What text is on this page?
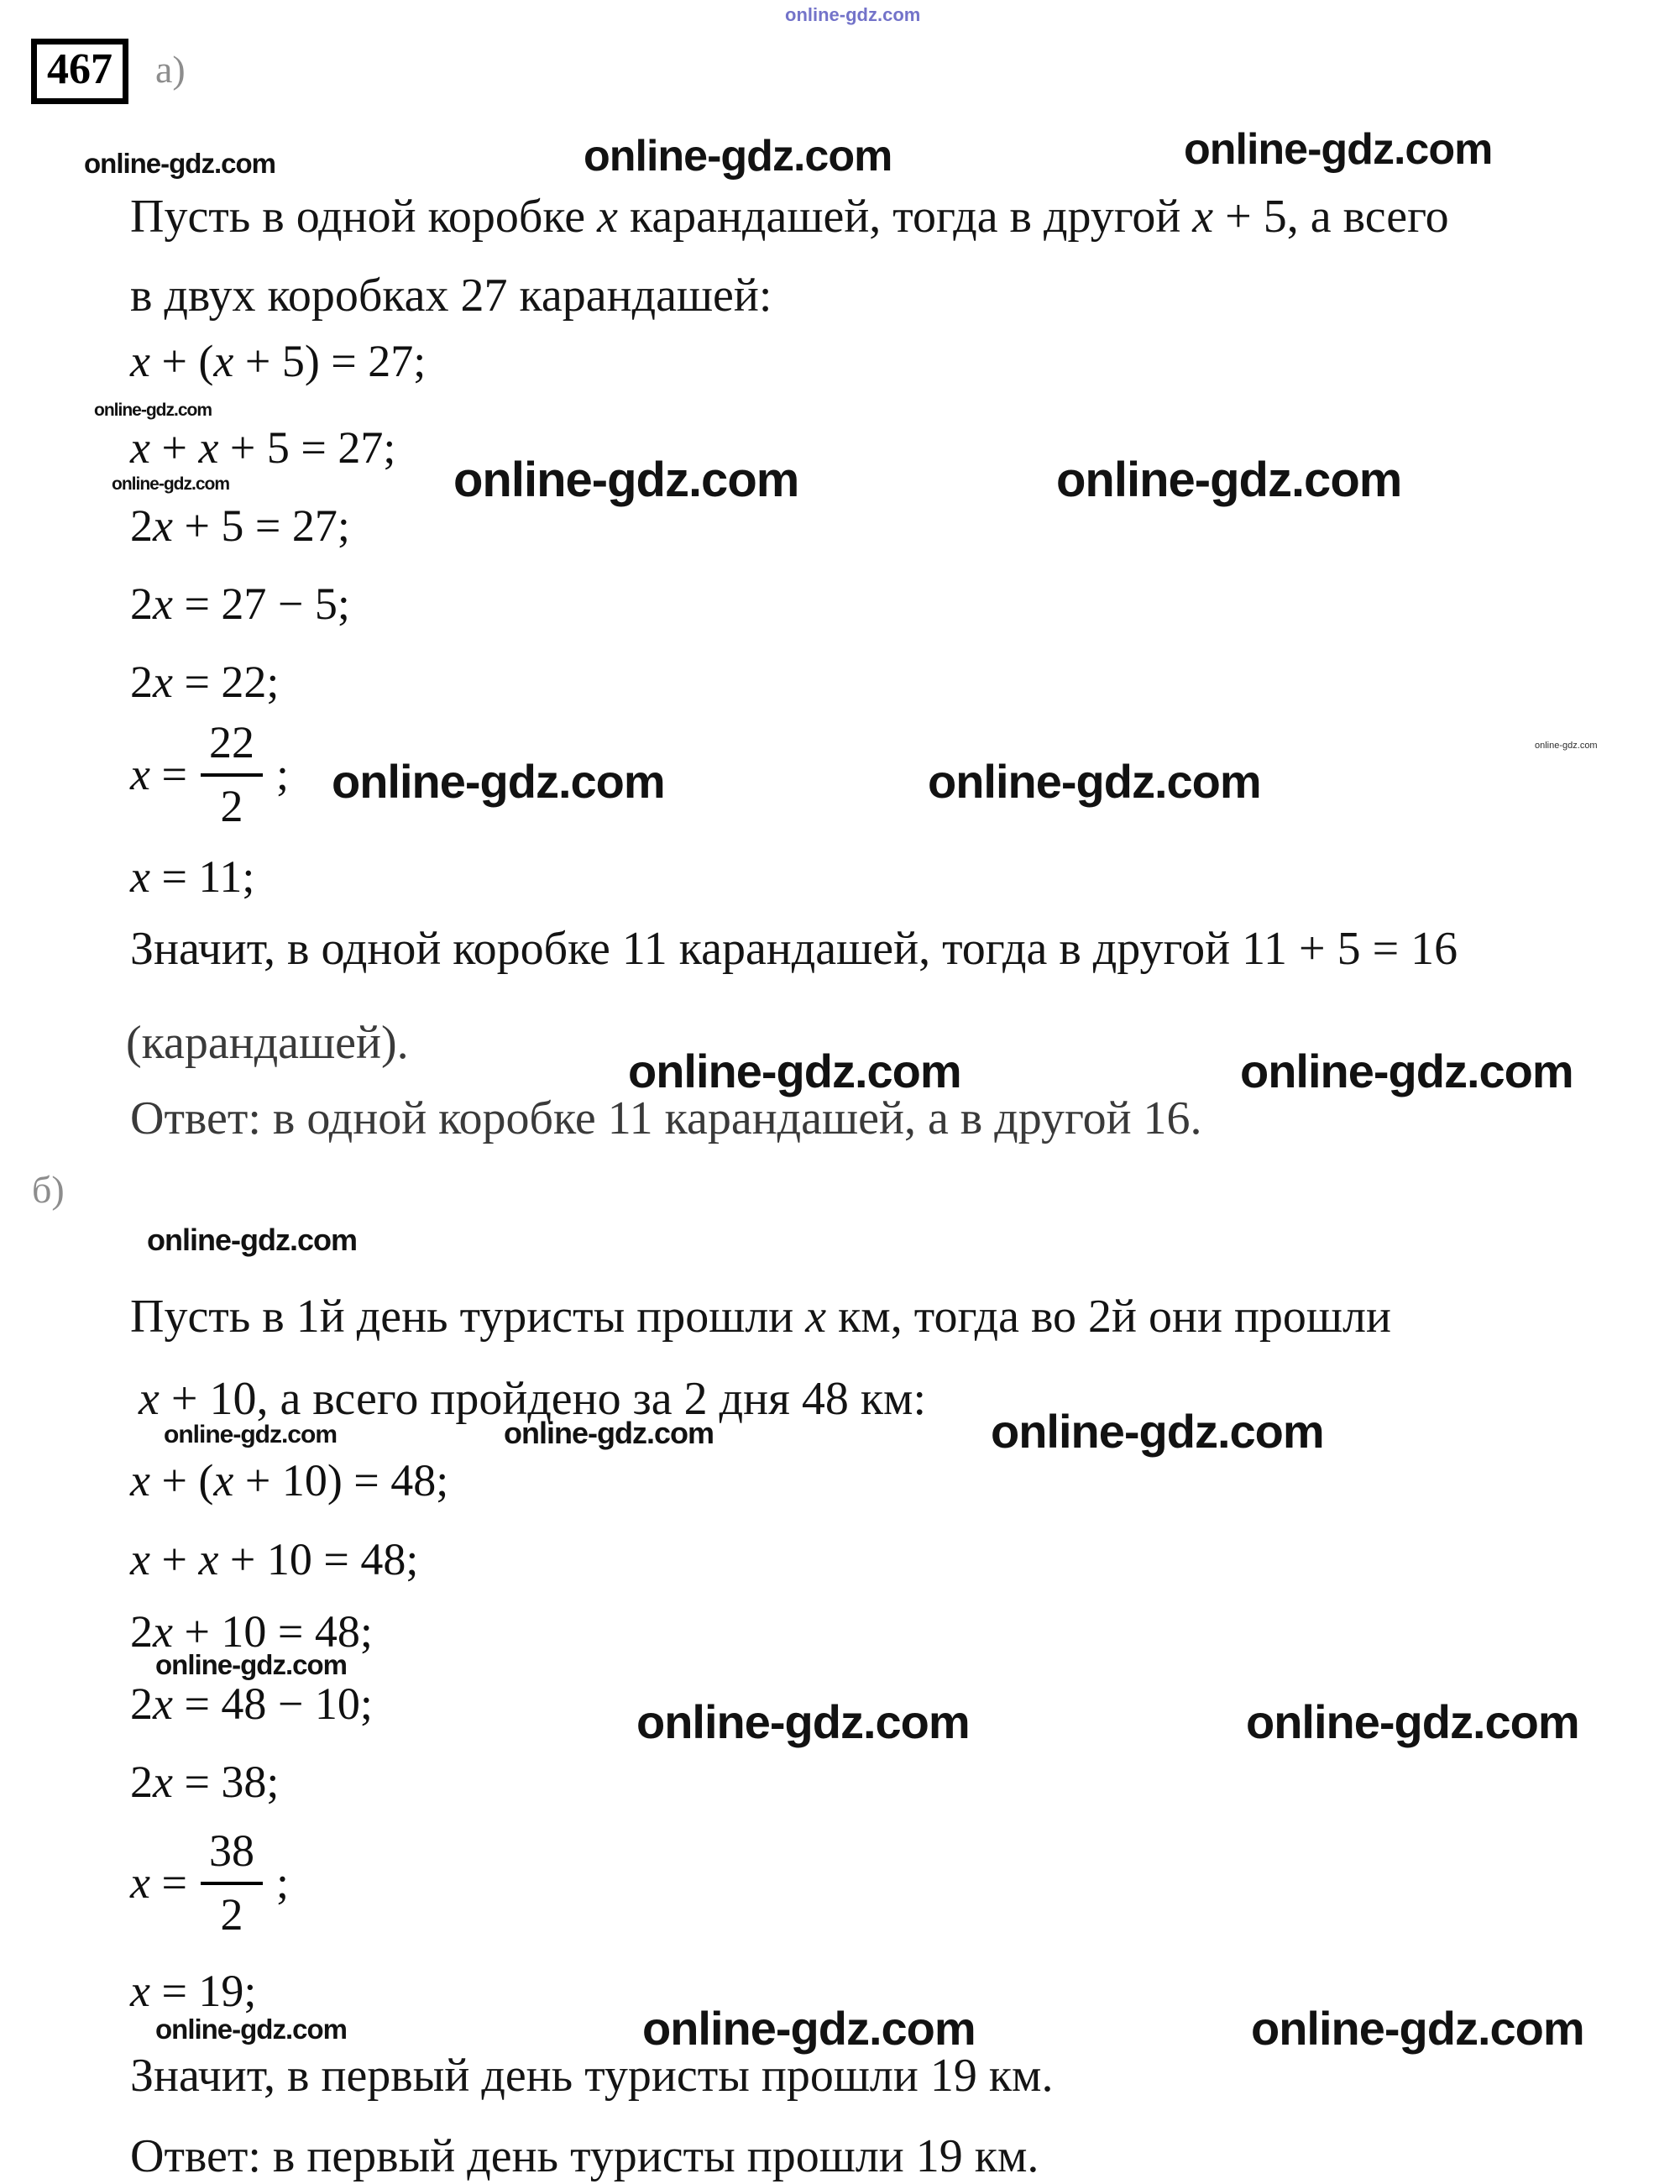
online-gdz.com
467	а)
online-gdz.com	online-gdz.com	online-gdz.com
Пусть в одной коробке x карандашей, тогда в другой x + 5, а всего
в двух коробках 27 карандашей:
x + (x + 5) = 27;
online-gdz.com
x + x + 5 = 27;
online-gdz.com	online-gdz.com
online-gdz.com
2x + 5 = 27;
2x = 27 − 5;
2x = 22;
$x = \frac{22}{2}$ ; online-gdz.com	online-gdz.com
online-gdz.com
x = 11;
Значит, в одной коробке 11 карандашей, тогда в другой 11 + 5 = 16
(карандашей).
online-gdz.com	online-gdz.com
Ответ: в одной коробке 11 карандашей, а в другой 16.
б)
online-gdz.com
Пусть в 1й день туристы прошли x км, тогда во 2й они прошли
x + 10, а всего пройдено за 2 дня 48 км:
online-gdz.com	online-gdz.com	online-gdz.com
x + (x + 10) = 48;
x + x + 10 = 48;
2x + 10 = 48;
online-gdz.com
2x = 48 − 10;	online-gdz.com	online-gdz.com
2x = 38;
$x = \frac{38}{2}$ ;
x = 19;
online-gdz.com	online-gdz.com	online-gdz.com
Значит, в первый день туристы прошли 19 км.
Ответ: в первый день туристы прошли 19 км.
